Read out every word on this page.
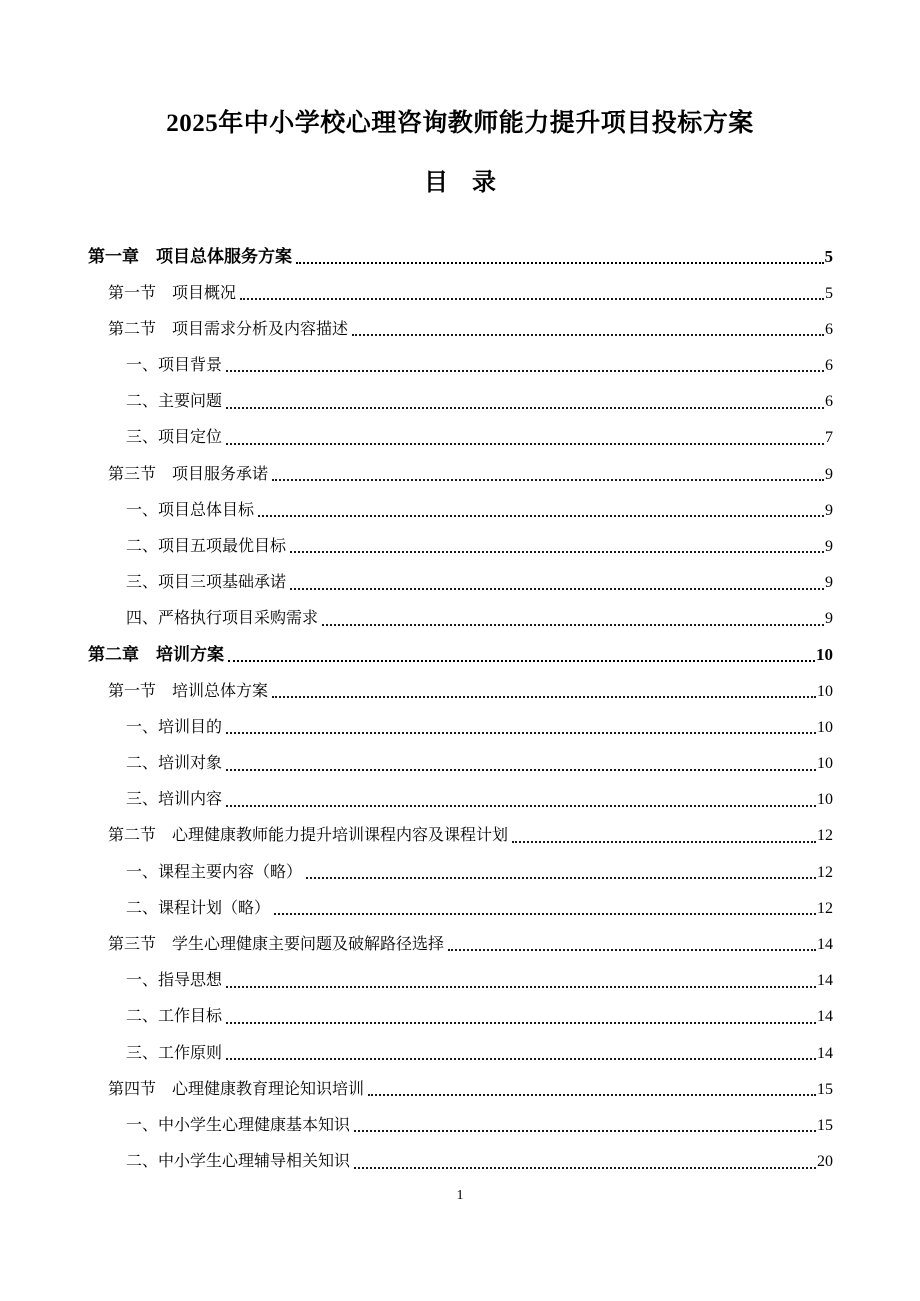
2025年中小学校心理咨询教师能力提升项目投标方案
目　录
第一章　项目总体服务方案	5
第一节　项目概况	5
第二节　项目需求分析及内容描述	6
一、项目背景	6
二、主要问题	6
三、项目定位	7
第三节　项目服务承诺	9
一、项目总体目标	9
二、项目五项最优目标	9
三、项目三项基础承诺	9
四、严格执行项目采购需求	9
第二章　培训方案	10
第一节　培训总体方案	10
一、培训目的	10
二、培训对象	10
三、培训内容	10
第二节　心理健康教师能力提升培训课程内容及课程计划	12
一、课程主要内容（略）	12
二、课程计划（略）	12
第三节　学生心理健康主要问题及破解路径选择	14
一、指导思想	14
二、工作目标	14
三、工作原则	14
第四节　心理健康教育理论知识培训	15
一、中小学生心理健康基本知识	15
二、中小学生心理辅导相关知识	20
1
